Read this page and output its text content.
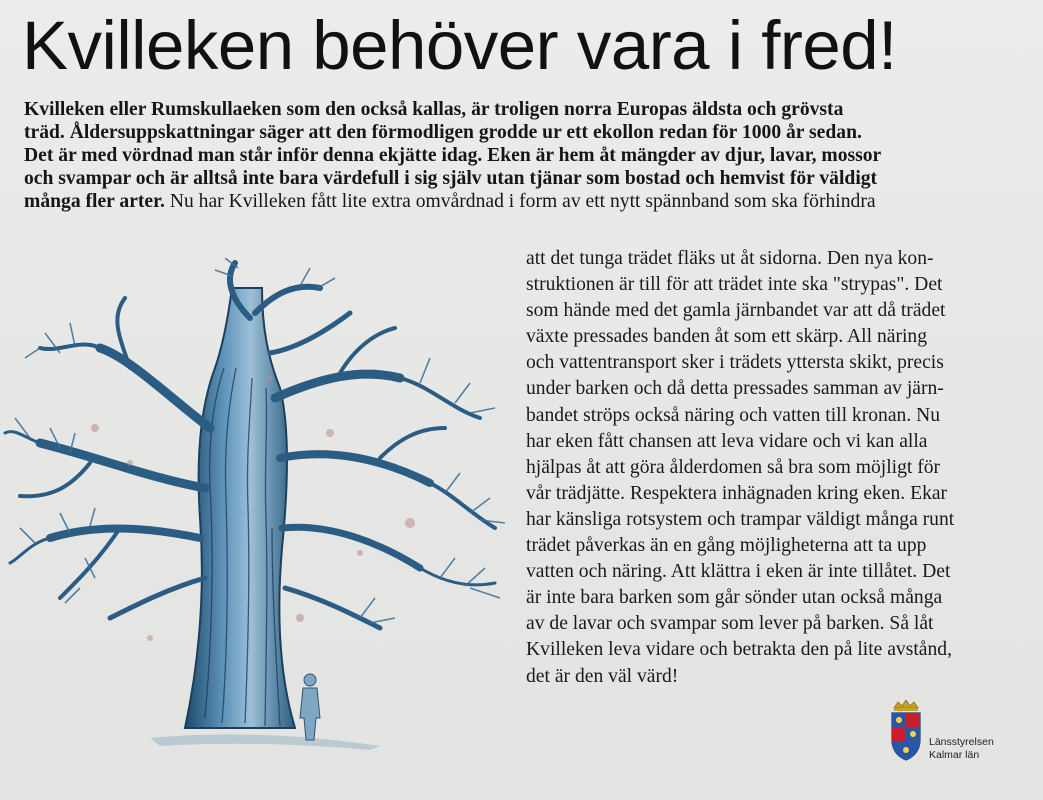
Kvilleken behöver vara i fred!

Kvilleken eller Rumskullaeken som den också kallas, är troligen norra Europas äldsta och grövsta

träd. Åldersuppskattningar säger att den förmodligen grodde ur ett ekollon redan för 1000 år sedan.

Det är med vördnad man står inför denna ekjätte idag. Eken är hem åt mängder av djur, lavar, mossor

och svampar och är alltså inte bara värdefull i sig själv utan tjänar som bostad och hemvist för väldigt

många fler arter. Nu har Kvilleken fått lite extra omvårdnad i form av ett nytt spännband som ska förhindra

att det tunga trädet fläks ut åt sidorna. Den nya kon-

struktionen är till för att trädet inte ska "strypas". Det

som hände med det gamla järnbandet var att då trädet

växte pressades banden åt som ett skärp. All näring

och vattentransport sker i trädets yttersta skikt, precis

under barken och då detta pressades samman av järn-

bandet ströps också näring och vatten till kronan. Nu

har eken fått chansen att leva vidare och vi kan alla

hjälpas åt att göra ålderdomen så bra som möjligt för

vår trädjätte. Respektera inhägnaden kring eken. Ekar

har känsliga rotsystem och trampar väldigt många runt

trädet påverkas än en gång möjligheterna att ta upp

vatten och näring. Att klättra i eken är inte tillåtet. Det

är inte bara barken som går sönder utan också många

av de lavar och svampar som lever på barken. Så låt

Kvilleken leva vidare och betrakta den på lite avstånd,

det är den väl värd!

Länsstyrelsen
Kalmar län
